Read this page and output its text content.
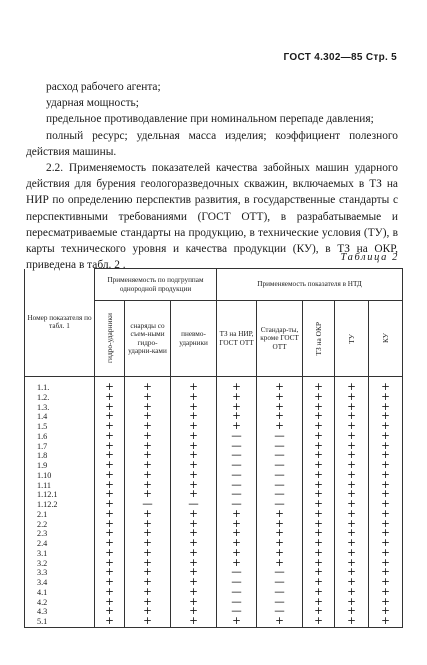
ГОСТ 4.302—85 Стр. 5

расход рабочего агента;

ударная мощность;

предельное противодавление при номинальном перепаде давления;

полный ресурс; удельная масса изделия; коэффициент полезного действия машины.

2.2. Применяемость показателей качества забойных машин ударного действия для бурения геологоразведочных скважин, включаемых в ТЗ на НИР по определению перспектив развития, в государственные стандарты с перспективными требованиями (ГОСТ ОТТ), в разрабатываемые и пересматриваемые стандарты на продукцию, в технические условия (ТУ), в карты технического уровня и качества продукции (КУ), в ТЗ на ОКР, приведена в табл. 2 .

Таблица 2
Номер показателя по табл. 1	Применяемость по подгруппам однородной продукции			Применяемость показателя в НТД				

	гидро-ударники	снаряды со съем-ными гидро-ударни-ками	пневмо-ударники	ТЗ на НИР, ГОСТ ОТТ	Стандар-ты, кроме ГОСТ ОТТ	ТЗ на ОКР	ТУ	КУ

1.1.	+	+	+	+	+	+	+	+
1.2.	+	+	+	+	+	+	+	+
1.3.	+	+	+	+	+	+	+	+
1.4	+	+	+	+	+	+	+	+
1.5	+	+	+	+	+	+	+	+
1.6	+	+	+	—	—	+	+	+
1.7	+	+	+	—	—	+	+	+
1.8	+	+	+	—	—	+	+	+
1.9	+	+	+	—	—	+	+	+
1.10	+	+	+	—	—	+	+	+
1.11	+	+	+	—	—	+	+	+
1.12.1	+	+	+	—	—	+	+	+
1.12.2	+	—	—	—	—	+	+	+
2.1	+	+	+	+	+	+	+	+
2.2	+	+	+	+	+	+	+	+
2.3	+	+	+	+	+	+	+	+
2.4	+	+	+	+	+	+	+	+
3.1	+	+	+	+	+	+	+	+
3.2	+	+	+	+	+	+	+	+
3.3	+	+	+	—	—	+	+	+
3.4	+	+	+	—	—	+	+	+
4.1	+	+	+	—	—	+	+	+
4.2	+	+	+	—	—	+	+	+
4.3	+	+	+	—	—	+	+	+
5.1	+	+	+	+	+	+	+	+
